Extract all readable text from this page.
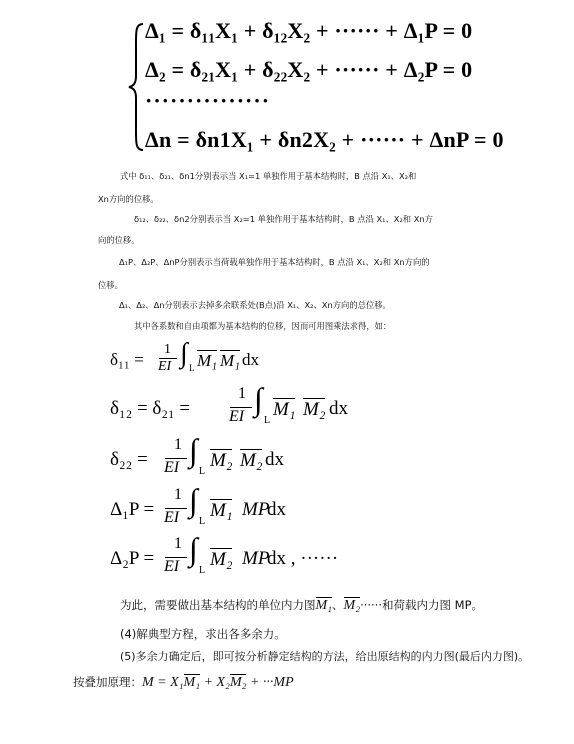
Δ₁ = δ₁₁X₁ + δ₁₂X₂ + ······ + Δ₁P = 0
Δ₂ = δ₂₁X₁ + δ₂₂X₂ + ······ + Δ₂P = 0
···············
Δn = δn1X₁ + δn2X₂ + ······ + ΔnP = 0
式中 δ₁₁、δ₂₁、δn1分别表示当 X₁=1 单独作用于基本结构时，B 点沿 X₁、X₂和
Xn方向的位移。
δ₁₂、δ₂₂、δn2分别表示当 X₂=1 单独作用于基本结构时，B 点沿 X₁、X₂和 Xn方
向的位移。
Δ₁P、Δ₂P、ΔnP分别表示当荷载单独作用于基本结构时，B 点沿 X₁、X₂和 Xn方向的
位移。
Δ₁、Δ₂、Δn分别表示去掉多余联系处(B点)沿 X₁、X₂、Xn方向的总位移。
其中各系数和自由项都为基本结构的位移，因而可用图乘法求得，如：
δ₁₁ =
1
EI ∫ L M₁ M₁ dx
δ₁₂ = δ₂₁ =
1
EI ∫
L
M₁ M₂ dx
δ₂₂ =
1
EI ∫
L
M₂ M₂ dx
Δ₁P =
1
EI ∫
L
M₁ MP
dx
Δ₂P =
1
EI ∫
L
M₂ MP
dx , ······
为此，需要做出基本结构的单位内力图M₁、M₂······和荷载内力图 MP。
(4)解典型方程，求出各多余力。
(5)多余力确定后，即可按分析静定结构的方法，给出原结构的内力图(最后内力图)。
按叠加原理：M = X₁M₁ + X₂M₂ + ···MP
